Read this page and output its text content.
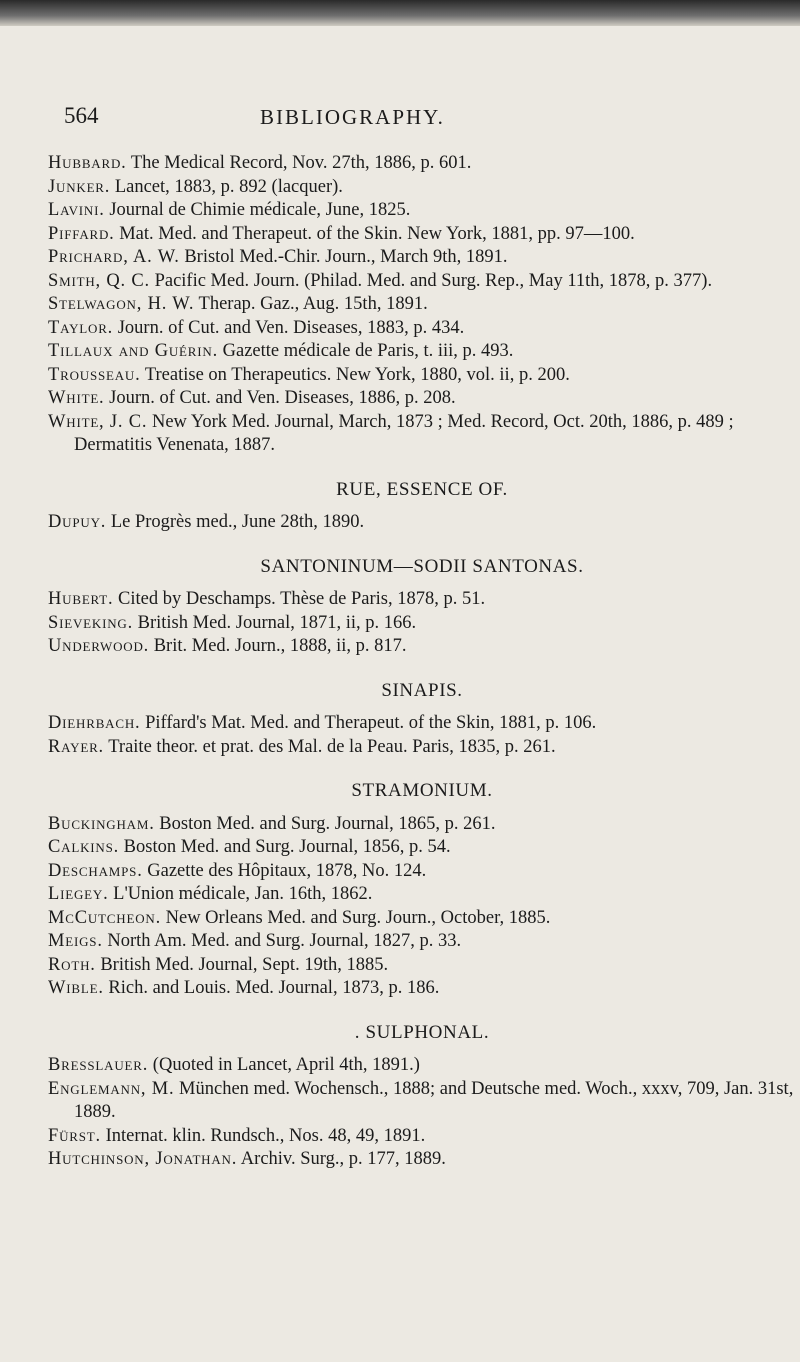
564	BIBLIOGRAPHY.
Hubbard. The Medical Record, Nov. 27th, 1886, p. 601.
Junker. Lancet, 1883, p. 892 (lacquer).
Lavini. Journal de Chimie médicale, June, 1825.
Piffard. Mat. Med. and Therapeut. of the Skin. New York, 1881, pp. 97—100.
Prichard, A. W. Bristol Med.-Chir. Journ., March 9th, 1891.
Smith, Q. C. Pacific Med. Journ. (Philad. Med. and Surg. Rep., May 11th, 1878, p. 377).
Stelwagon, H. W. Therap. Gaz., Aug. 15th, 1891.
Taylor. Journ. of Cut. and Ven. Diseases, 1883, p. 434.
Tillaux and Guérin. Gazette médicale de Paris, t. iii, p. 493.
Trousseau. Treatise on Therapeutics. New York, 1880, vol. ii, p. 200.
White. Journ. of Cut. and Ven. Diseases, 1886, p. 208.
White, J. C. New York Med. Journal, March, 1873 ; Med. Record, Oct. 20th, 1886, p. 489 ; Dermatitis Venenata, 1887.
RUE, ESSENCE OF.
Dupuy. Le Progrès med., June 28th, 1890.
SANTONINUM—SODII SANTONAS.
Hubert. Cited by Deschamps. Thèse de Paris, 1878, p. 51.
Sieveking. British Med. Journal, 1871, ii, p. 166.
Underwood. Brit. Med. Journ., 1888, ii, p. 817.
SINAPIS.
Diehrbach. Piffard's Mat. Med. and Therapeut. of the Skin, 1881, p. 106.
Rayer. Traite theor. et prat. des Mal. de la Peau. Paris, 1835, p. 261.
STRAMONIUM.
Buckingham. Boston Med. and Surg. Journal, 1865, p. 261.
Calkins. Boston Med. and Surg. Journal, 1856, p. 54.
Deschamps. Gazette des Hôpitaux, 1878, No. 124.
Liegey. L'Union médicale, Jan. 16th, 1862.
McCutcheon. New Orleans Med. and Surg. Journ., October, 1885.
Meigs. North Am. Med. and Surg. Journal, 1827, p. 33.
Roth. British Med. Journal, Sept. 19th, 1885.
Wible. Rich. and Louis. Med. Journal, 1873, p. 186.
. SULPHONAL.
Bresslauer. (Quoted in Lancet, April 4th, 1891.)
Englemann, M. München med. Wochensch., 1888; and Deutsche med. Woch., xxxv, 709, Jan. 31st, 1889.
Fürst. Internat. klin. Rundsch., Nos. 48, 49, 1891.
Hutchinson, Jonathan. Archiv. Surg., p. 177, 1889.
